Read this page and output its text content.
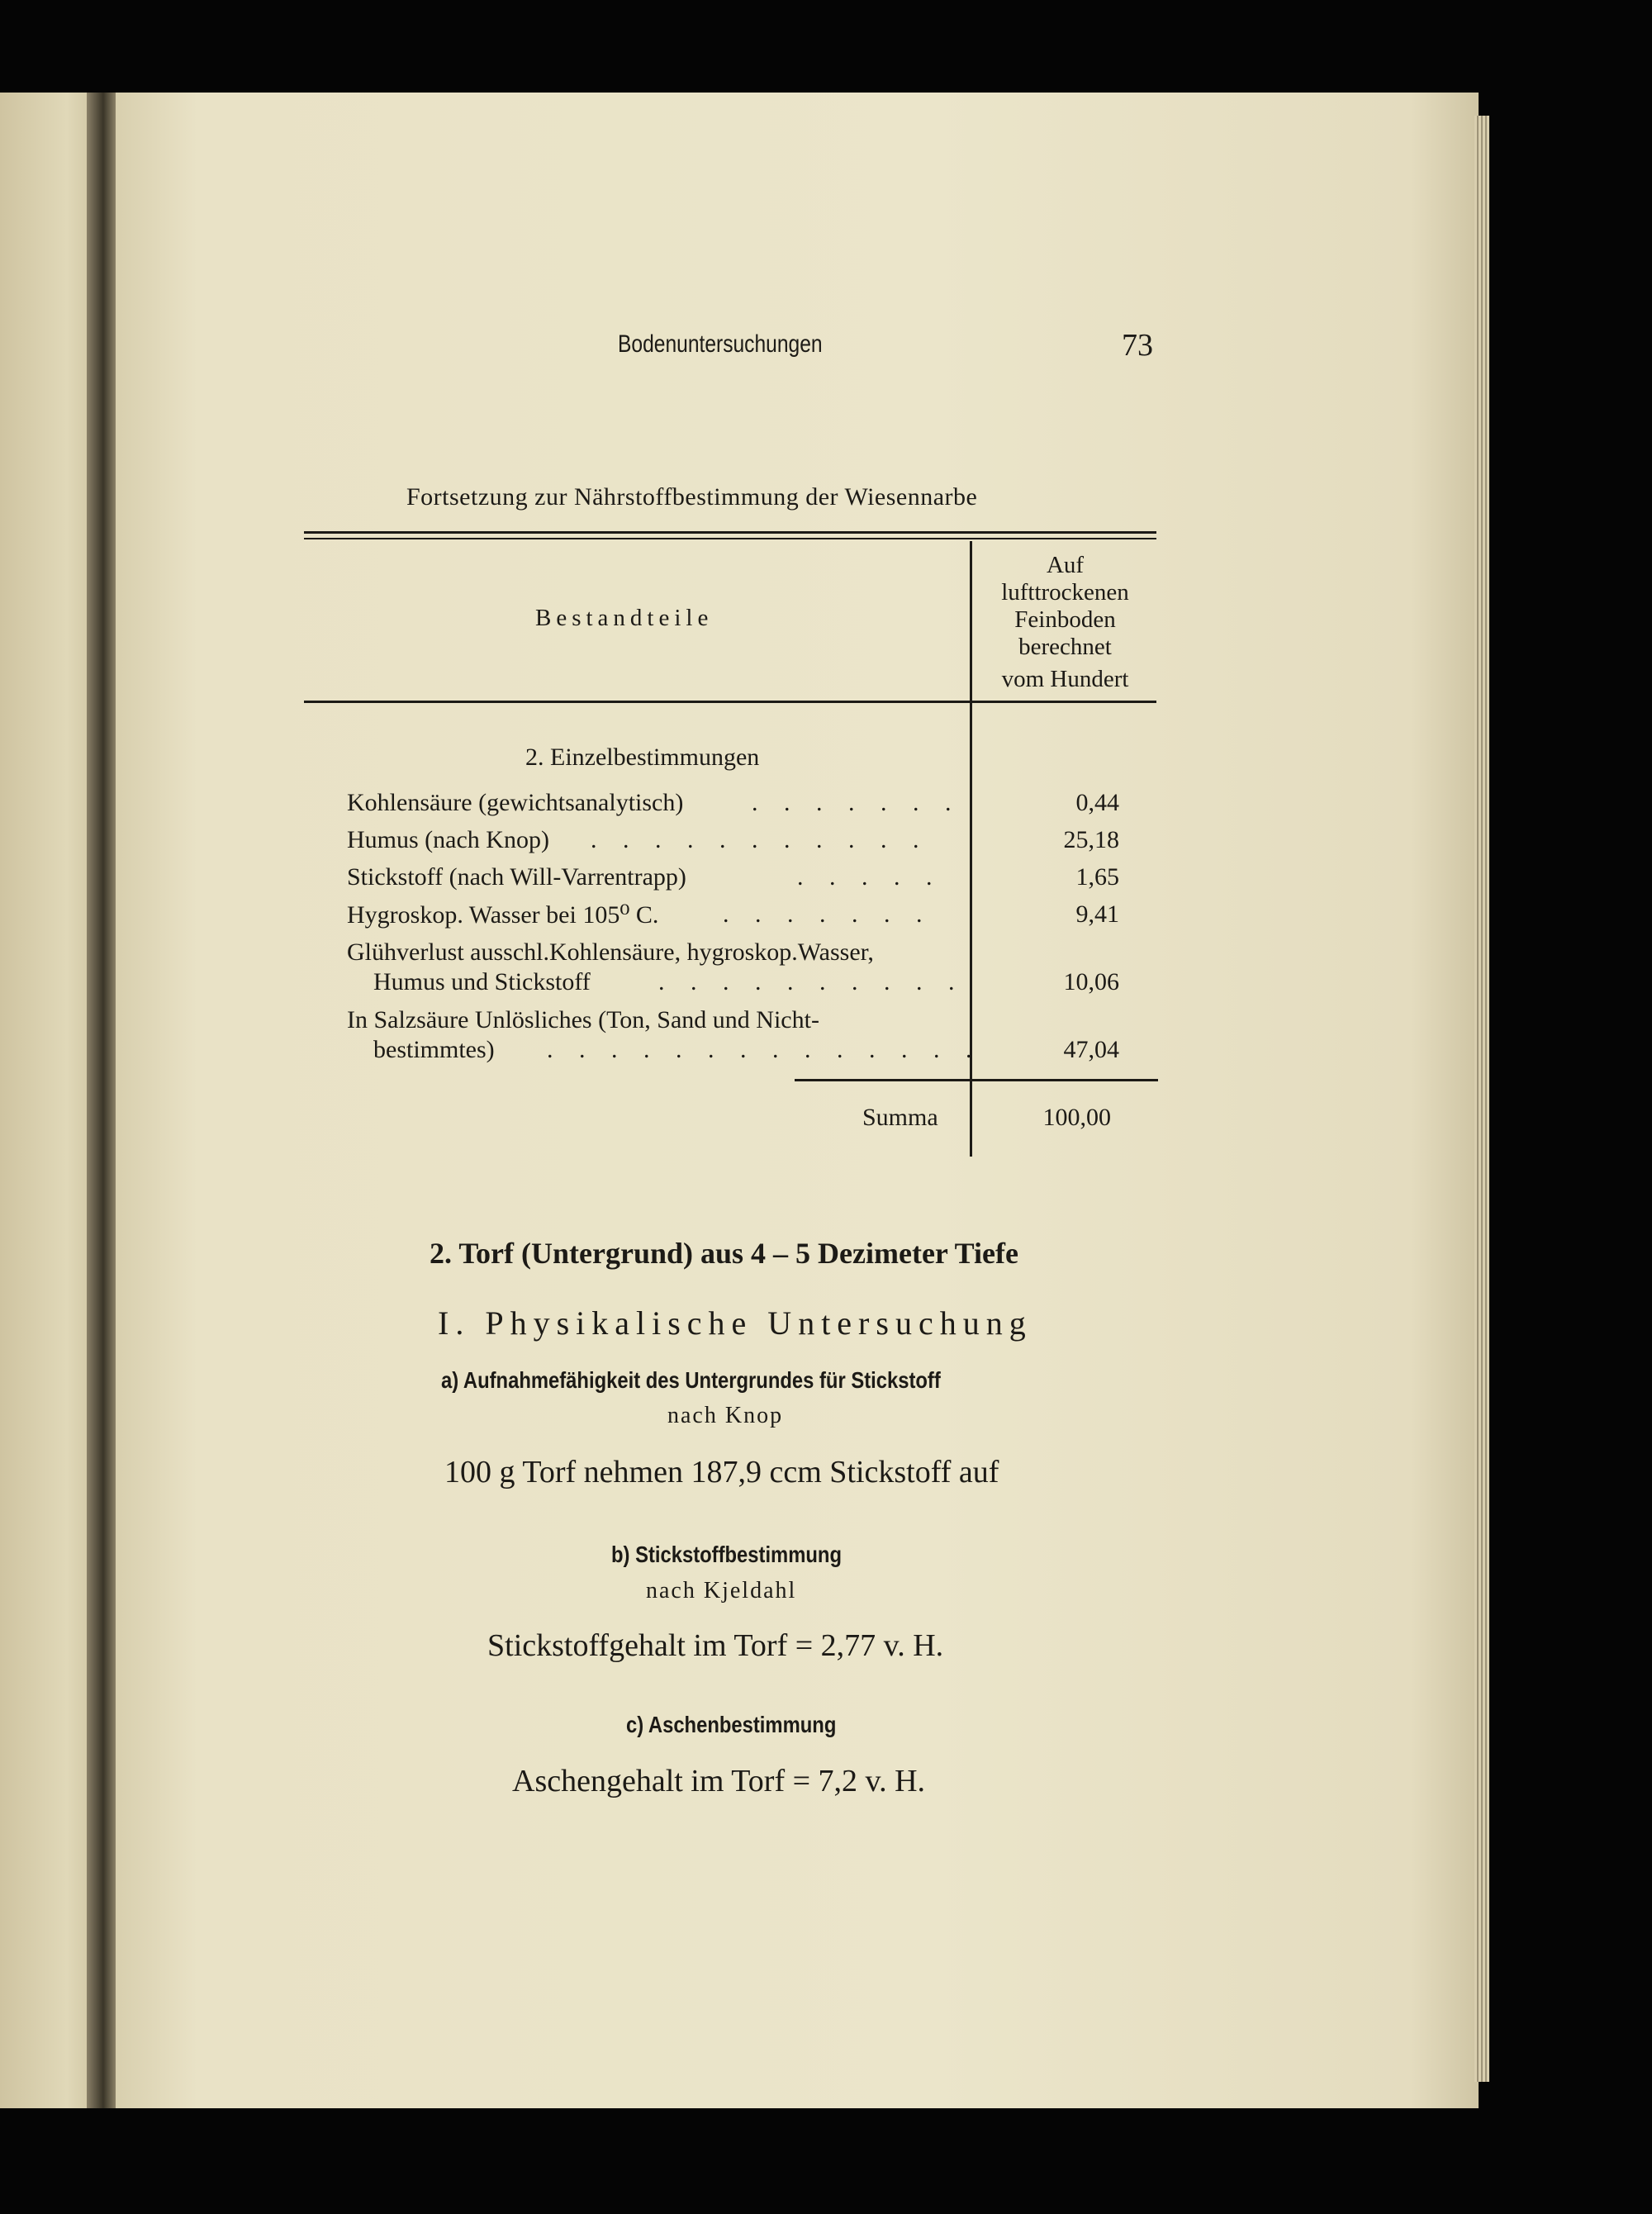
Bodenuntersuchungen	73
Fortsetzung zur Nährstoffbestimmung der Wiesennarbe
Bestandteile
Auf
lufttrockenen
Feinboden
berechnet
vom Hundert
2. Einzelbestimmungen
Kohlensäure (gewichtsanalytisch)	. . . . . . .	0,44
Humus (nach Knop) . . . . . . . . . . .	25,18
Stickstoff (nach Will-Varrentrapp)	. . . . .	1,65
Hygroskop. Wasser bei 105⁰ C.	. . . . . . .	9,41
Glühverlust ausschl.Kohlensäure, hygroskop.Wasser,
Humus und Stickstoff	. . . . . . . . . .	10,06
In Salzsäure Unlösliches (Ton, Sand und Nicht-
bestimmtes) . . . . . . . . . . . . . .	47,04
Summa	100,00
2. Torf (Untergrund) aus 4 – 5 Dezimeter Tiefe
I. Physikalische Untersuchung
a) Aufnahmefähigkeit des Untergrundes für Stickstoff
nach Knop
100 g Torf nehmen 187,9 ccm Stickstoff auf
b) Stickstoffbestimmung
nach Kjeldahl
Stickstoffgehalt im Torf = 2,77 v. H.
c) Aschenbestimmung
Aschengehalt im Torf = 7,2 v. H.
